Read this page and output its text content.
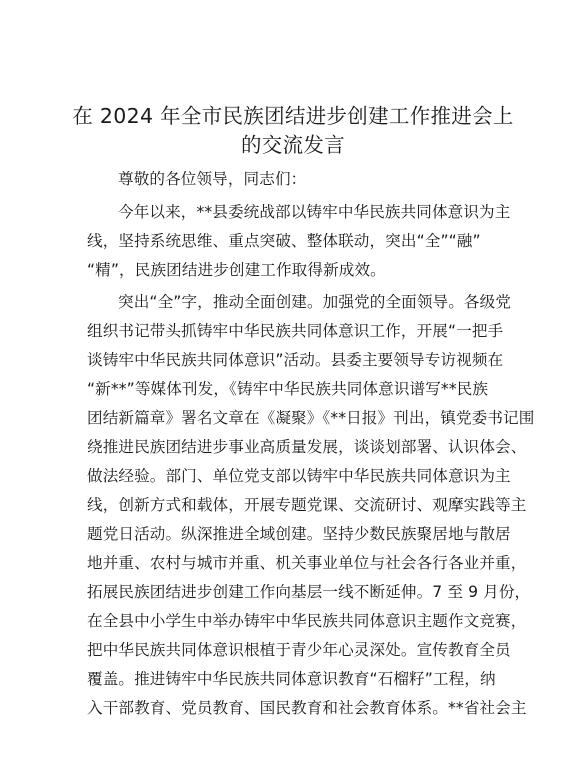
在 2024 年全市民族团结进步创建工作推进会上
的交流发言
尊敬的各位领导，同志们：
今年以来，**县委统战部以铸牢中华民族共同体意识为主
线，坚持系统思维、重点突破、整体联动，突出“全”“融”
“精”，民族团结进步创建工作取得新成效。
突出“全”字，推动全面创建。加强党的全面领导。各级党
组织书记带头抓铸牢中华民族共同体意识工作，开展“一把手
谈铸牢中华民族共同体意识”活动。县委主要领导专访视频在
“新**”等媒体刊发，《铸牢中华民族共同体意识谱写**民族
团结新篇章》署名文章在《凝聚》《**日报》刊出，镇党委书记围
绕推进民族团结进步事业高质量发展，谈谈划部署、认识体会、
做法经验。部门、单位党支部以铸牢中华民族共同体意识为主
线，创新方式和载体，开展专题党课、交流研讨、观摩实践等主
题党日活动。纵深推进全域创建。坚持少数民族聚居地与散居
地并重、农村与城市并重、机关事业单位与社会各行各业并重，
拓展民族团结进步创建工作向基层一线不断延伸。7 至 9 月份，
在全县中小学生中举办铸牢中华民族共同体意识主题作文竞赛，
把中华民族共同体意识根植于青少年心灵深处。宣传教育全员
覆盖。推进铸牢中华民族共同体意识教育“石榴籽”工程，纳
入干部教育、党员教育、国民教育和社会教育体系。**省社会主
